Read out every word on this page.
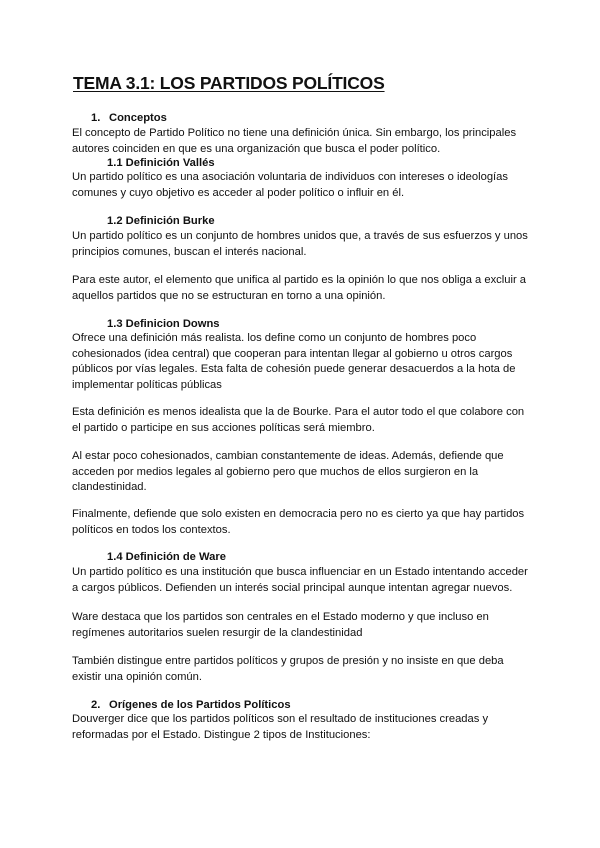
TEMA 3.1: LOS PARTIDOS POLÍTICOS
1. Conceptos

El concepto de Partido Político no tiene una definición única. Sin embargo, los principales autores coinciden en que es una organización que busca el poder político.

1.1 Definición Vallés

Un partido político es una asociación voluntaria de individuos con intereses o ideologías comunes y cuyo objetivo es acceder al poder político o influir en él.

1.2 Definición Burke

Un partido político es un conjunto de hombres unidos que, a través de sus esfuerzos y unos principios comunes, buscan el interés nacional.

Para este autor, el elemento que unifica al partido es la opinión lo que nos obliga a excluir a aquellos partidos que no se estructuran en torno a una opinión.

1.3 Definicion Downs

Ofrece una definición más realista. los define como un conjunto de hombres poco cohesionados (idea central) que cooperan para intentan llegar al gobierno u otros cargos públicos por vías legales. Esta falta de cohesión puede generar desacuerdos a la hota de implementar políticas públicas

Esta definición es menos idealista que la de Bourke. Para el autor todo el que colabore con el partido o participe en sus acciones políticas será miembro.

Al estar poco cohesionados, cambian constantemente de ideas. Además, defiende que acceden por medios legales al gobierno pero que muchos de ellos surgieron en la clandestinidad.

Finalmente, defiende que solo existen en democracia pero no es cierto ya que hay partidos políticos en todos los contextos.

1.4 Definición de Ware

Un partido político es una institución que busca influenciar en un Estado intentando acceder a cargos públicos. Defienden un interés social principal aunque intentan agregar nuevos.

Ware destaca que los partidos son centrales en el Estado moderno y que incluso en regímenes autoritarios suelen resurgir de la clandestinidad

También distingue entre partidos políticos y grupos de presión y no insiste en que deba existir una opinión común.

2. Orígenes de los Partidos Políticos

Douverger dice que los partidos políticos son el resultado de instituciones creadas y reformadas por el Estado. Distingue 2 tipos de Instituciones:
